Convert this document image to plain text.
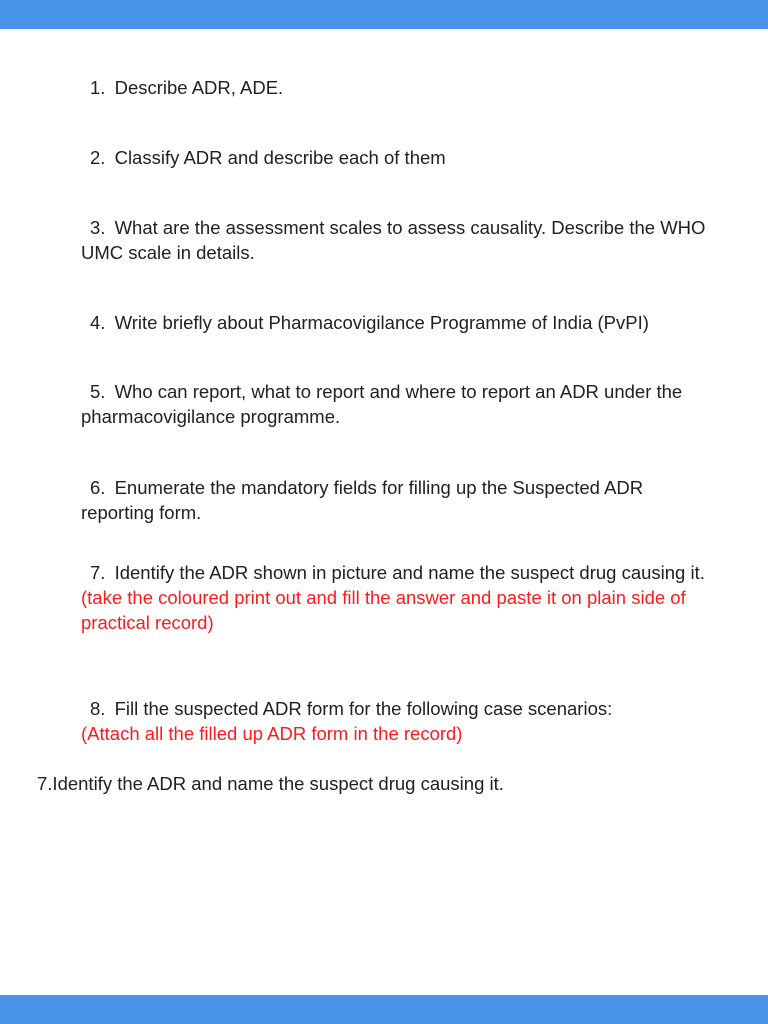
1. Describe ADR, ADE.

2. Classify ADR and describe each of them

3. What are the assessment scales to assess causality. Describe the WHO UMC scale in details.

4. Write briefly about Pharmacovigilance Programme of India (PvPI)

5. Who can report, what to report and where to report an ADR under the pharmacovigilance programme.

6. Enumerate the mandatory fields for filling up the Suspected ADR reporting form.

7. Identify the ADR shown in picture and name the suspect drug causing it.
(take the coloured print out and fill the answer and paste it on plain side of practical record)

8. Fill the suspected ADR form for the following case scenarios:
(Attach all the filled up ADR form in the record)

7.Identify the ADR and name the suspect drug causing it.
